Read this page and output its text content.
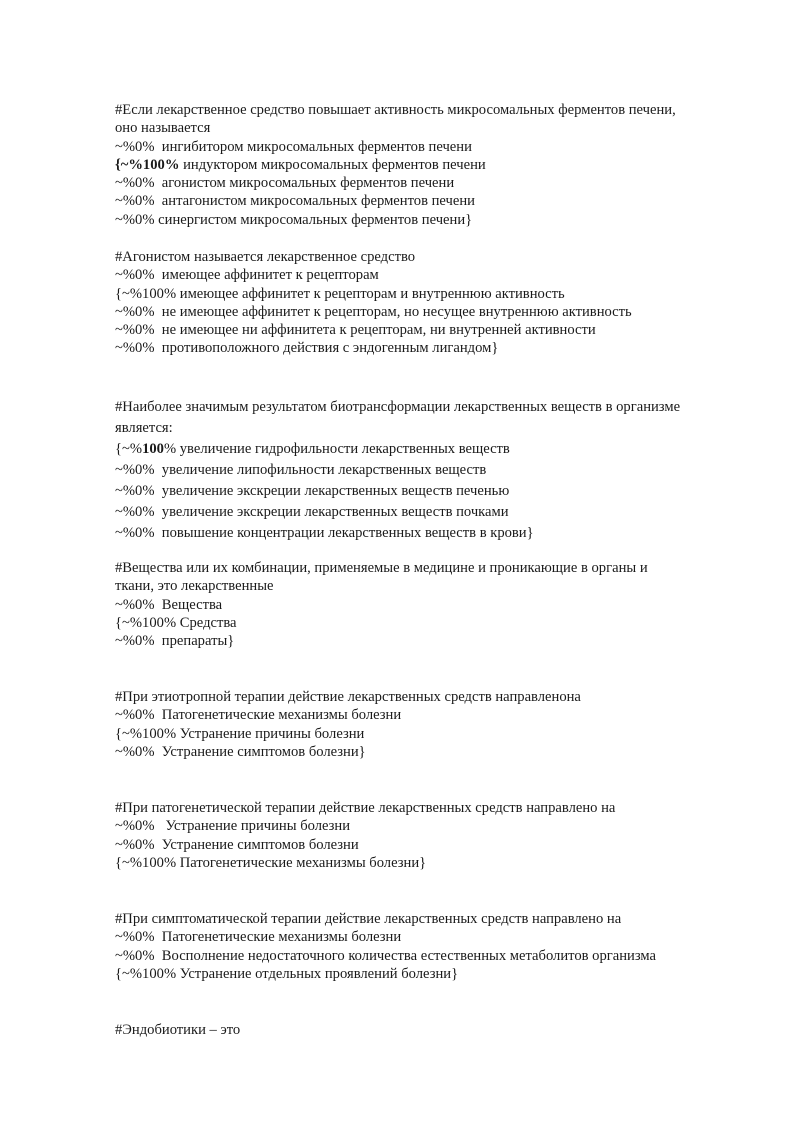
#Если лекарственное средство повышает активность микросомальных ферментов печени,
оно называется
~%0%  ингибитором микросомальных ферментов печени
{~%100% индуктором микросомальных ферментов печени
~%0%  агонистом микросомальных ферментов печени
~%0%  антагонистом микросомальных ферментов печени
~%0% синергистом микросомальных ферментов печени}
#Агонистом называется лекарственное средство
~%0%  имеющее аффинитет к рецепторам
{~%100% имеющее аффинитет к рецепторам и внутреннюю активность
~%0%  не имеющее аффинитет к рецепторам, но несущее внутреннюю активность
~%0%  не имеющее ни аффинитета к рецепторам, ни внутренней активности
~%0%  противоположного действия с эндогенным лигандом}
#Наиболее значимым результатом биотрансформации лекарственных веществ в организме
является:
{~%100% увеличение гидрофильности лекарственных веществ
~%0%  увеличение липофильности лекарственных веществ
~%0%  увеличение экскреции лекарственных веществ печенью
~%0%  увеличение экскреции лекарственных веществ почками
~%0%  повышение концентрации лекарственных веществ в крови}
#Вещества или их комбинации, применяемые в медицине и проникающие в органы и
ткани, это лекарственные
~%0%  Вещества
{~%100% Средства
~%0%  препараты}
#При этиотропной терапии действие лекарственных средств направленона
~%0%  Патогенетические механизмы болезни
{~%100% Устранение причины болезни
~%0%  Устранение симптомов болезни}
#При патогенетической терапии действие лекарственных средств направлено на
~%0%   Устранение причины болезни
~%0%  Устранение симптомов болезни
{~%100% Патогенетические механизмы болезни}
#При симптоматической терапии действие лекарственных средств направлено на
~%0%  Патогенетические механизмы болезни
~%0%  Восполнение недостаточного количества естественных метаболитов организма
{~%100% Устранение отдельных проявлений болезни}
#Эндобиотики – это
